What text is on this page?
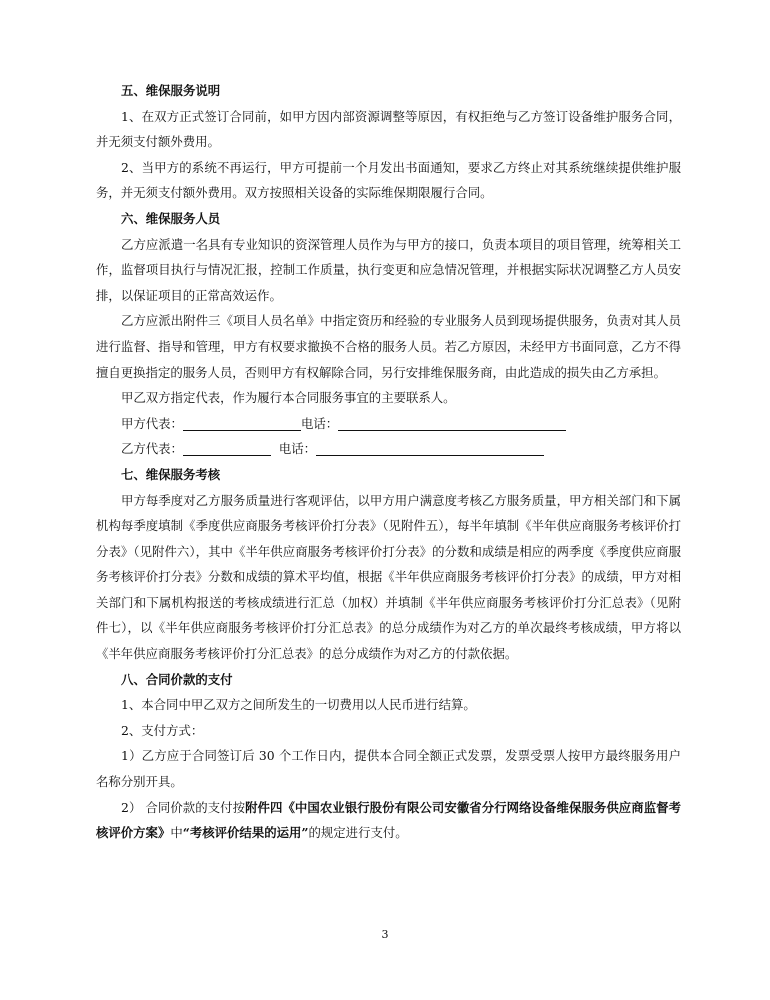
五、维保服务说明

1、在双方正式签订合同前，如甲方因内部资源调整等原因，有权拒绝与乙方签订设备维护服务合同，并无须支付额外费用。

2、当甲方的系统不再运行，甲方可提前一个月发出书面通知，要求乙方终止对其系统继续提供维护服务，并无须支付额外费用。双方按照相关设备的实际维保期限履行合同。

六、维保服务人员

乙方应派遣一名具有专业知识的资深管理人员作为与甲方的接口，负责本项目的项目管理，统筹相关工作，监督项目执行与情况汇报，控制工作质量，执行变更和应急情况管理，并根据实际状况调整乙方人员安排，以保证项目的正常高效运作。

乙方应派出附件三《项目人员名单》中指定资历和经验的专业服务人员到现场提供服务，负责对其人员进行监督、指导和管理，甲方有权要求撤换不合格的服务人员。若乙方原因，未经甲方书面同意，乙方不得擅自更换指定的服务人员，否则甲方有权解除合同，另行安排维保服务商，由此造成的损失由乙方承担。

甲乙双方指定代表，作为履行本合同服务事宜的主要联系人。

甲方代表：	电话：

乙方代表：	电话：

七、维保服务考核

甲方每季度对乙方服务质量进行客观评估，以甲方用户满意度考核乙方服务质量，甲方相关部门和下属机构每季度填制《季度供应商服务考核评价打分表》（见附件五），每半年填制《半年供应商服务考核评价打分表》（见附件六），其中《半年供应商服务考核评价打分表》的分数和成绩是相应的两季度《季度供应商服务考核评价打分表》分数和成绩的算术平均值，根据《半年供应商服务考核评价打分表》的成绩，甲方对相关部门和下属机构报送的考核成绩进行汇总（加权）并填制《半年供应商服务考核评价打分汇总表》（见附件七），以《半年供应商服务考核评价打分汇总表》的总分成绩作为对乙方的单次最终考核成绩，甲方将以《半年供应商服务考核评价打分汇总表》的总分成绩作为对乙方的付款依据。

八、合同价款的支付

1、本合同中甲乙双方之间所发生的一切费用以人民币进行结算。

2、支付方式：

1）乙方应于合同签订后 30 个工作日内，提供本合同全额正式发票，发票受票人按甲方最终服务用户名称分别开具。

2） 合同价款的支付按附件四《中国农业银行股份有限公司安徽省分行网络设备维保服务供应商监督考核评价方案》中“考核评价结果的运用”的规定进行支付。

3
